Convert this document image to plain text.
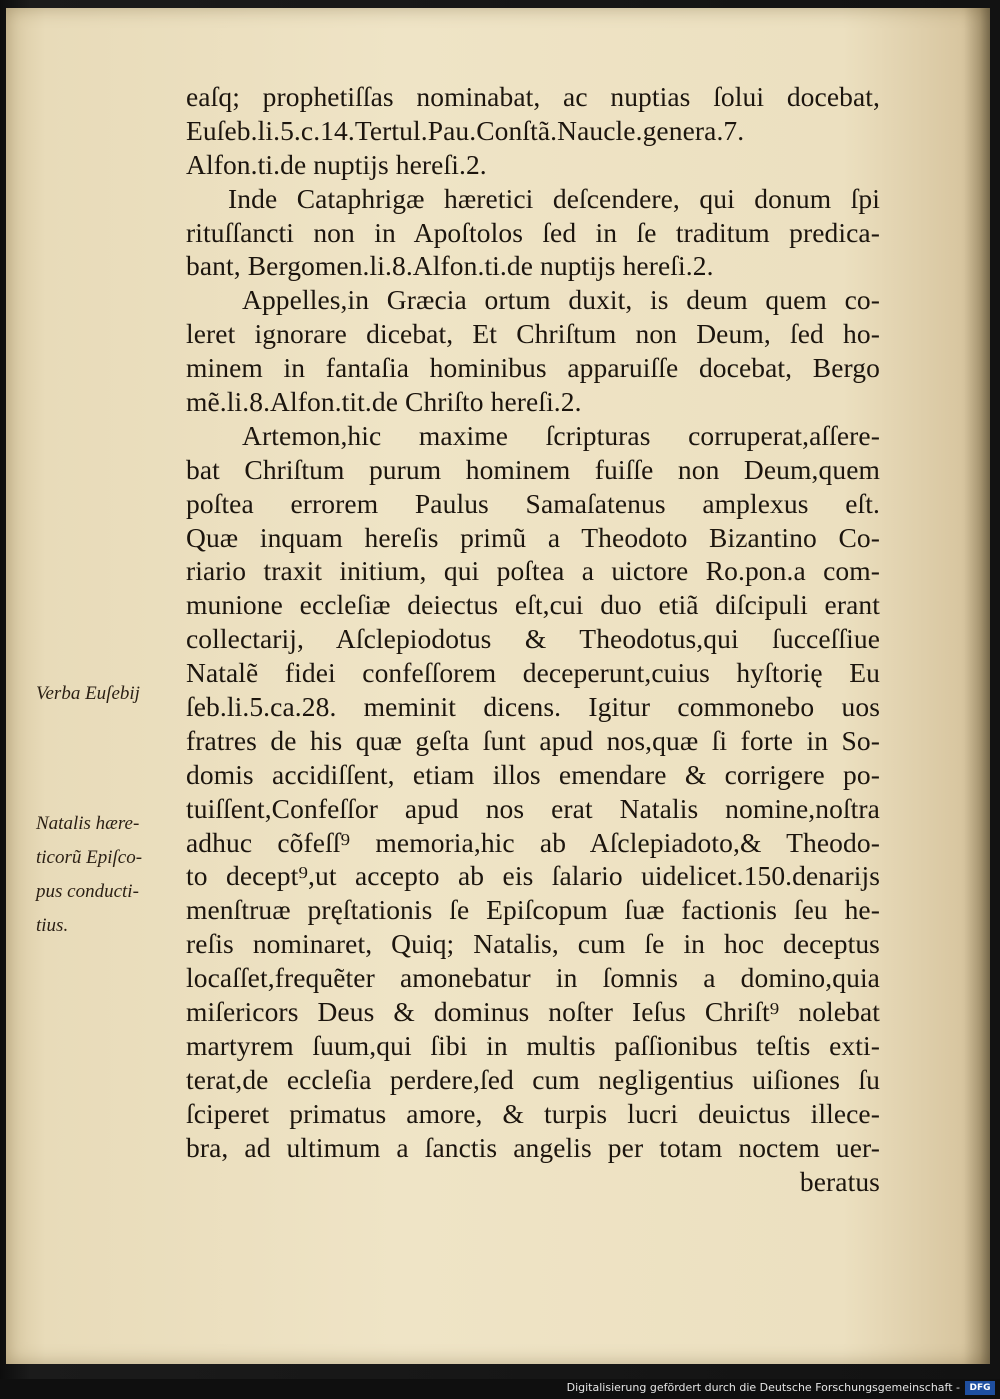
eaſq; prophetiſſas nominabat, ac nuptias ſolui docebat,
Euſeb.li.5.c.14.Tertul.Pau.Conſtã.Naucle.genera.7.
Alfon.ti.de nuptijs hereſi.2.
Inde Cataphrigæ hæretici deſcendere, qui donum ſpi
rituſſancti non in Apoſtolos ſed in ſe traditum predica-
bant, Bergomen.li.8.Alfon.ti.de nuptijs hereſi.2.
Appelles,in Græcia ortum duxit, is deum quem co-
leret ignorare dicebat, Et Chriſtum non Deum, ſed ho-
minem in fantaſia hominibus apparuiſſe docebat, Bergo
mẽ.li.8.Alfon.tit.de Chriſto hereſi.2.
Artemon,hic maxime ſcripturas corruperat,aſſere-
bat Chriſtum purum hominem fuiſſe non Deum,quem
poſtea errorem Paulus Samaſatenus amplexus eſt.
Quæ inquam hereſis primũ a Theodoto Bizantino Co-
riario traxit initium, qui poſtea a uictore Ro.pon.a com-
munione eccleſiæ deiectus eſt,cui duo etiã diſcipuli erant
collectarij, Aſclepiodotus & Theodotus,qui ſucceſſiue
Natalẽ fidei confeſſorem deceperunt,cuius hyſtorię Eu
ſeb.li.5.ca.28. meminit dicens. Igitur commonebo uos
fratres de his quæ geſta ſunt apud nos,quæ ſi forte in So-
domis accidiſſent, etiam illos emendare & corrigere po-
tuiſſent,Confeſſor apud nos erat Natalis nomine,noſtra
adhuc cõfeſſ⁹ memoria,hic ab Aſclepiadoto,& Theodo-
to decept⁹,ut accepto ab eis ſalario uidelicet.150.denarijs
menſtruæ pręſtationis ſe Epiſcopum ſuæ factionis ſeu he-
reſis nominaret, Quiq; Natalis, cum ſe in hoc deceptus
locaſſet,frequẽter amonebatur in ſomnis a domino,quia
miſericors Deus & dominus noſter Ieſus Chriſt⁹ nolebat
martyrem ſuum,qui ſibi in multis paſſionibus teſtis exti-
terat,de eccleſia perdere,ſed cum negligentius uiſiones ſu
ſciperet primatus amore, & turpis lucri deuictus illece-
bra, ad ultimum a ſanctis angelis per totam noctem uer-
beratus
Verba Euſebij
Natalis hære-
ticorũ Epiſco-
pus conducti-
tius.
Digitalisierung gefördert durch die Deutsche Forschungsgemeinschaft -	DFG
